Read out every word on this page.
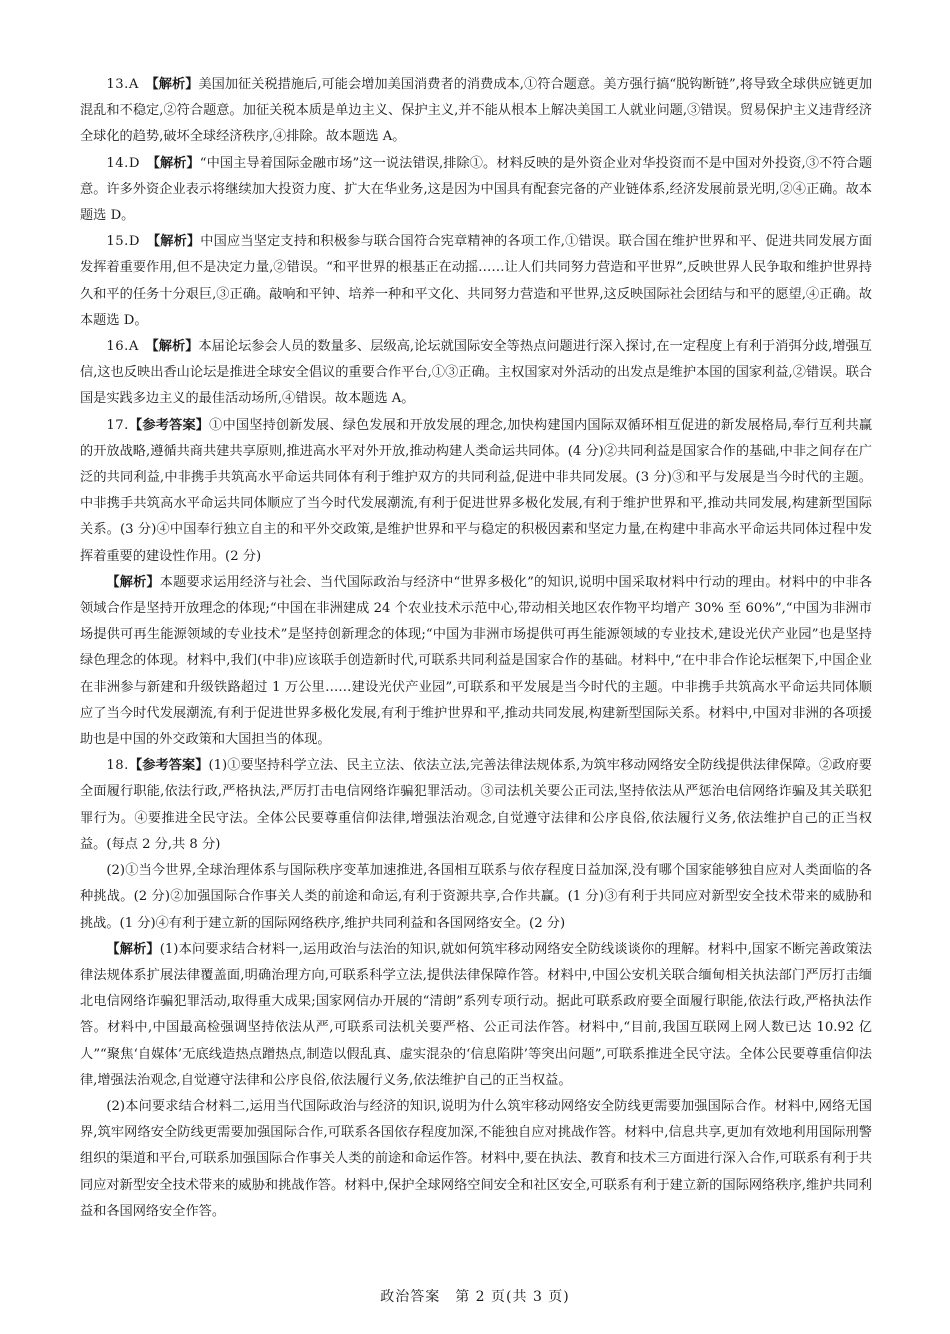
13.A　 【解析】美国加征关税措施后,可能会增加美国消费者的消费成本,①符合题意。美方强行搞“脱钩断链”,将导致全球供应链更加混乱和不稳定,②符合题意。加征关税本质是单边主义、保护主义,并不能从根本上解决美国工人就业问题,③错误。贸易保护主义违背经济全球化的趋势,破坏全球经济秩序,④排除。故本题选 A。

14.D　 【解析】“中国主导着国际金融市场”这一说法错误,排除①。材料反映的是外资企业对华投资而不是中国对外投资,③不符合题意。许多外资企业表示将继续加大投资力度、扩大在华业务,这是因为中国具有配套完备的产业链体系,经济发展前景光明,②④正确。故本题选 D。

15.D　 【解析】中国应当坚定支持和积极参与联合国符合宪章精神的各项工作,①错误。联合国在维护世界和平、促进共同发展方面发挥着重要作用,但不是决定力量,②错误。“和平世界的根基正在动摇……让人们共同努力营造和平世界”,反映世界人民争取和维护世界持久和平的任务十分艰巨,③正确。敲响和平钟、培养一种和平文化、共同努力营造和平世界,这反映国际社会团结与和平的愿望,④正确。故本题选 D。

16.A　 【解析】本届论坛参会人员的数量多、层级高,论坛就国际安全等热点问题进行深入探讨,在一定程度上有利于消弭分歧,增强互信,这也反映出香山论坛是推进全球安全倡议的重要合作平台,①③正确。主权国家对外活动的出发点是维护本国的国家利益,②错误。联合国是实践多边主义的最佳活动场所,④错误。故本题选 A。

17.【参考答案】①中国坚持创新发展、绿色发展和开放发展的理念,加快构建国内国际双循环相互促进的新发展格局,奉行互利共赢的开放战略,遵循共商共建共享原则,推进高水平对外开放,推动构建人类命运共同体。(4 分)②共同利益是国家合作的基础,中非之间存在广泛的共同利益,中非携手共筑高水平命运共同体有利于维护双方的共同利益,促进中非共同发展。(3 分)③和平与发展是当今时代的主题。中非携手共筑高水平命运共同体顺应了当今时代发展潮流,有利于促进世界多极化发展,有利于维护世界和平,推动共同发展,构建新型国际关系。(3 分)④中国奉行独立自主的和平外交政策,是维护世界和平与稳定的积极因素和坚定力量,在构建中非高水平命运共同体过程中发挥着重要的建设性作用。(2 分)

【解析】本题要求运用经济与社会、当代国际政治与经济中“世界多极化”的知识,说明中国采取材料中行动的理由。材料中的中非各领域合作是坚持开放理念的体现;“中国在非洲建成 24 个农业技术示范中心,带动相关地区农作物平均增产 30% 至 60%”,“中国为非洲市场提供可再生能源领域的专业技术”是坚持创新理念的体现;“中国为非洲市场提供可再生能源领域的专业技术,建设光伏产业园”也是坚持绿色理念的体现。材料中,我们(中非)应该联手创造新时代,可联系共同利益是国家合作的基础。材料中,“在中非合作论坛框架下,中国企业在非洲参与新建和升级铁路超过 1 万公里……建设光伏产业园”,可联系和平发展是当今时代的主题。中非携手共筑高水平命运共同体顺应了当今时代发展潮流,有利于促进世界多极化发展,有利于维护世界和平,推动共同发展,构建新型国际关系。材料中,中国对非洲的各项援助也是中国的外交政策和大国担当的体现。

18.【参考答案】(1)①要坚持科学立法、民主立法、依法立法,完善法律法规体系,为筑牢移动网络安全防线提供法律保障。②政府要全面履行职能,依法行政,严格执法,严厉打击电信网络诈骗犯罪活动。③司法机关要公正司法,坚持依法从严惩治电信网络诈骗及其关联犯罪行为。④要推进全民守法。全体公民要尊重信仰法律,增强法治观念,自觉遵守法律和公序良俗,依法履行义务,依法维护自己的正当权益。(每点 2 分,共 8 分)

(2)①当今世界,全球治理体系与国际秩序变革加速推进,各国相互联系与依存程度日益加深,没有哪个国家能够独自应对人类面临的各种挑战。(2 分)②加强国际合作事关人类的前途和命运,有利于资源共享,合作共赢。(1 分)③有利于共同应对新型安全技术带来的威胁和挑战。(1 分)④有利于建立新的国际网络秩序,维护共同利益和各国网络安全。(2 分)

【解析】(1)本问要求结合材料一,运用政治与法治的知识,就如何筑牢移动网络安全防线谈谈你的理解。材料中,国家不断完善政策法律法规体系扩展法律覆盖面,明确治理方向,可联系科学立法,提供法律保障作答。材料中,中国公安机关联合缅甸相关执法部门严厉打击缅北电信网络诈骗犯罪活动,取得重大成果;国家网信办开展的“清朗”系列专项行动。据此可联系政府要全面履行职能,依法行政,严格执法作答。材料中,中国最高检强调坚持依法从严,可联系司法机关要严格、公正司法作答。材料中,“目前,我国互联网上网人数已达 10.92 亿人”“聚焦‘自媒体’无底线造热点蹭热点,制造以假乱真、虚实混杂的‘信息陷阱’等突出问题”,可联系推进全民守法。全体公民要尊重信仰法律,增强法治观念,自觉遵守法律和公序良俗,依法履行义务,依法维护自己的正当权益。

(2)本问要求结合材料二,运用当代国际政治与经济的知识,说明为什么筑牢移动网络安全防线更需要加强国际合作。材料中,网络无国界,筑牢网络安全防线更需要加强国际合作,可联系各国依存程度加深,不能独自应对挑战作答。材料中,信息共享,更加有效地利用国际刑警组织的渠道和平台,可联系加强国际合作事关人类的前途和命运作答。材料中,要在执法、教育和技术三方面进行深入合作,可联系有利于共同应对新型安全技术带来的威胁和挑战作答。材料中,保护全球网络空间安全和社区安全,可联系有利于建立新的国际网络秩序,维护共同利益和各国网络安全作答。

政治答案　第 2 页(共 3 页)
